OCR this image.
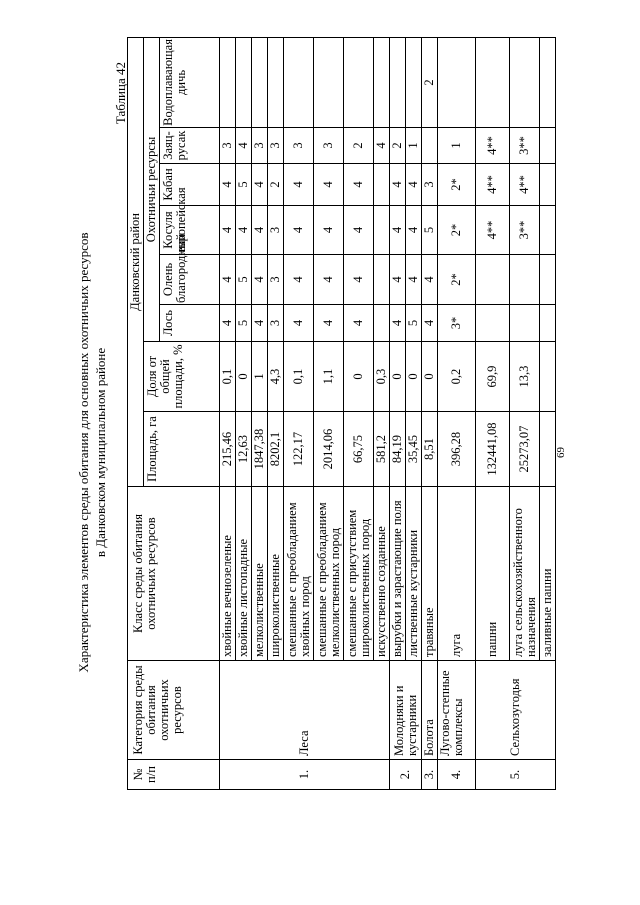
Характеристика элементов среды обитания для основных охотничьих ресурсов в Данковском муниципальном районе
Таблица 42
№ п/п	Категория среды обитания охотничьих ресурсов	Класс среды обитания охотничьих ресурсов	Данковский район							
			Площадь, га	Доля от общей площади, %	Охотничьи ресурсы					
					Лось	Олень благородный	Косуля европейская	Кабан	Заяц-русак	Водоплавающая дичь
1.	Леса	хвойные вечнозеленые	215,46	0,1	4	4	4	4	3	
		хвойные листопадные	12,63	0	5	5	4	5	4	
		мелколиственные	1847,38	1	4	4	4	4	3	
		широколиственные	8202,1	4,3	3	3	3	2	3	
		смешанные с преобладанием хвойных пород	122,17	0,1	4	4	4	4	3	
		смешанные с преобладанием мелколиственных пород	2014,06	1,1	4	4	4	4	3	
		смешанные с присутствием широколиственных пород	66,75	0	4	4	4	4	2	
		искусственно созданные	581,2	0,3					4	
2.	Молодняки и кустарники	вырубки и зарастающие поля	84,19	0	4	4	4	4	2	
		лиственные кустарники	35,45	0	5	4	4	4	1	
3.	Болота	травяные	8,51	0	4	4	5	3		2
4.	Лугово-степные комплексы	луга	396,28	0,2	3*	2*	2*	2*	1	
5.	Сельхозугодья	пашни	132441,08	69,9			4**	4**	4**	
		луга сельскохозяйственного назначения	25273,07	13,3			3**	4**	3**	
		заливные пашни								
69
